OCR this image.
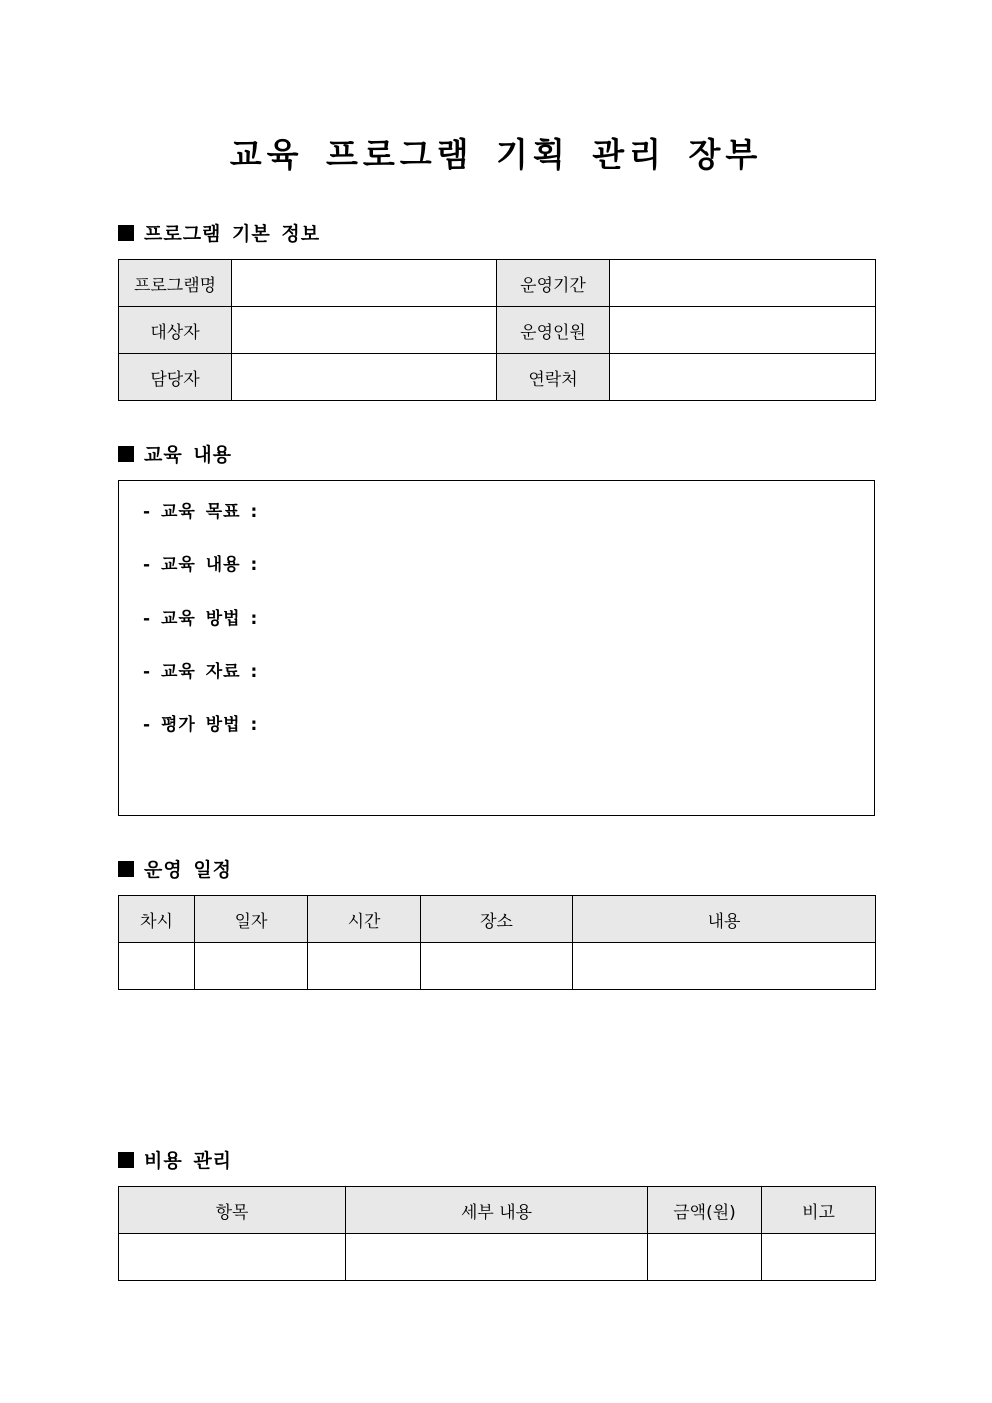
교육 프로그램 기획 관리 장부
프로그램 기본 정보
프로그램명		운영기간	
대상자		운영인원	
담당자		연락처	
교육 내용
- 교육 목표 :
- 교육 내용 :
- 교육 방법 :
- 교육 자료 :
- 평가 방법 :
운영 일정
차시	일자	시간	장소	내용

비용 관리
항목	세부 내용	금액(원)	비고
